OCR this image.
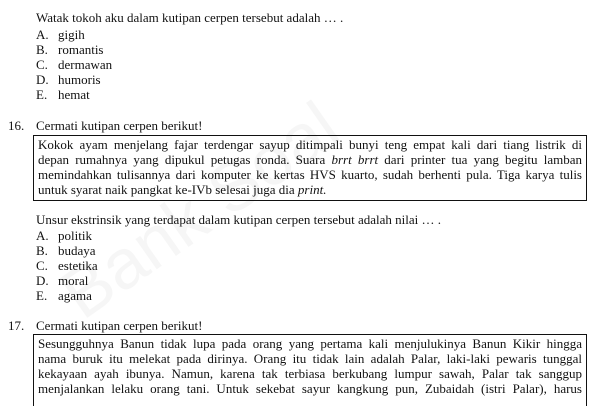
Watak tokoh aku dalam kutipan cerpen tersebut adalah … .
A. gigih
B. romantis
C. dermawan
D. humoris
E. hemat
16. Cermati kutipan cerpen berikut!
Kokok ayam menjelang fajar terdengar sayup ditimpali bunyi teng empat kali dari tiang listrik di
depan rumahnya yang dipukul petugas ronda. Suara brrt brrt dari printer tua yang begitu lamban
memindahkan tulisannya dari komputer ke kertas HVS kuarto, sudah berhenti pula. Tiga karya tulis
untuk syarat naik pangkat ke-IVb selesai juga dia print.
Unsur ekstrinsik yang terdapat dalam kutipan cerpen tersebut adalah nilai … .
A. politik
B. budaya
C. estetika
D. moral
E. agama
17. Cermati kutipan cerpen berikut!
Sesungguhnya Banun tidak lupa pada orang yang pertama kali menjulukinya Banun Kikir hingga
nama buruk itu melekat pada dirinya. Orang itu tidak lain adalah Palar, laki-laki pewaris tunggal
kekayaan ayah ibunya. Namun, karena tak terbiasa berkubang lumpur sawah, Palar tak sanggup
menjalankan lelaku orang tani. Untuk sekebat sayur kangkung pun, Zubaidah (istri Palar), harus
